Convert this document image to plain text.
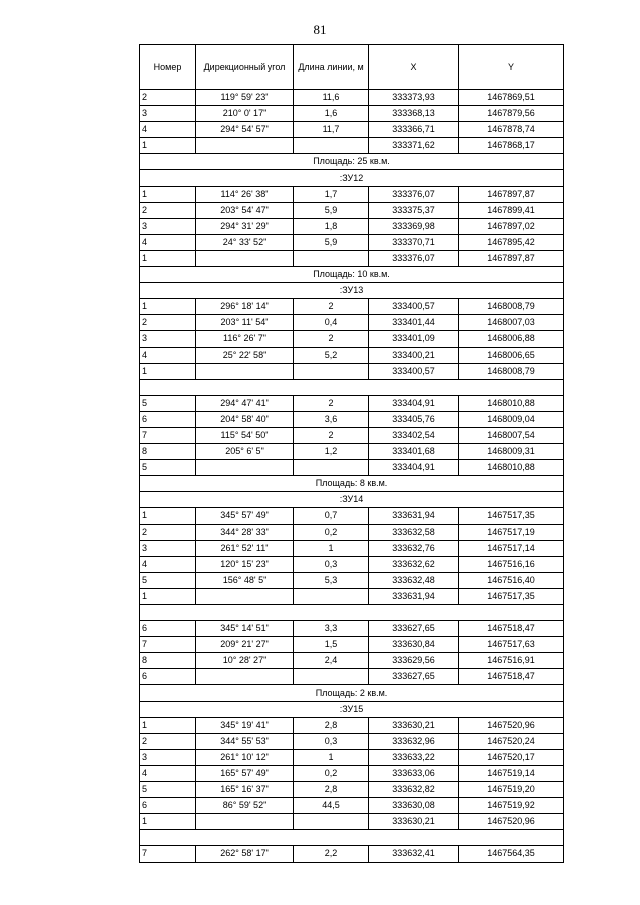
81
Номер	Дирекционный угол	Длина линии, м	X	Y
2	119° 59' 23"	11,6	333373,93	1467869,51
3	210° 0' 17"	1,6	333368,13	1467879,56
4	294° 54' 57"	11,7	333366,71	1467878,74
1			333371,62	1467868,17
Площадь: 25 кв.м.				
:ЗУ12				
1	114° 26' 38"	1,7	333376,07	1467897,87
2	203° 54' 47"	5,9	333375,37	1467899,41
3	294° 31' 29"	1,8	333369,98	1467897,02
4	24° 33' 52"	5,9	333370,71	1467895,42
1			333376,07	1467897,87
Площадь: 10 кв.м.				
:ЗУ13				
1	296° 18' 14"	2	333400,57	1468008,79
2	203° 11' 54"	0,4	333401,44	1468007,03
3	116° 26' 7"	2	333401,09	1468006,88
4	25° 22' 58"	5,2	333400,21	1468006,65
1			333400,57	1468008,79

5	294° 47' 41"	2	333404,91	1468010,88
6	204° 58' 40"	3,6	333405,76	1468009,04
7	115° 54' 50"	2	333402,54	1468007,54
8	205° 6' 5"	1,2	333401,68	1468009,31
5			333404,91	1468010,88
Площадь: 8 кв.м.				
:ЗУ14				
1	345° 57' 49"	0,7	333631,94	1467517,35
2	344° 28' 33"	0,2	333632,58	1467517,19
3	261° 52' 11"	1	333632,76	1467517,14
4	120° 15' 23"	0,3	333632,62	1467516,16
5	156° 48' 5"	5,3	333632,48	1467516,40
1			333631,94	1467517,35

6	345° 14' 51"	3,3	333627,65	1467518,47
7	209° 21' 27"	1,5	333630,84	1467517,63
8	10° 28' 27"	2,4	333629,56	1467516,91
6			333627,65	1467518,47
Площадь: 2 кв.м.				
:ЗУ15				
1	345° 19' 41"	2,8	333630,21	1467520,96
2	344° 55' 53"	0,3	333632,96	1467520,24
3	261° 10' 12"	1	333633,22	1467520,17
4	165° 57' 49"	0,2	333633,06	1467519,14
5	165° 16' 37"	2,8	333632,82	1467519,20
6	86° 59' 52"	44,5	333630,08	1467519,92
1			333630,21	1467520,96

7	262° 58' 17"	2,2	333632,41	1467564,35
